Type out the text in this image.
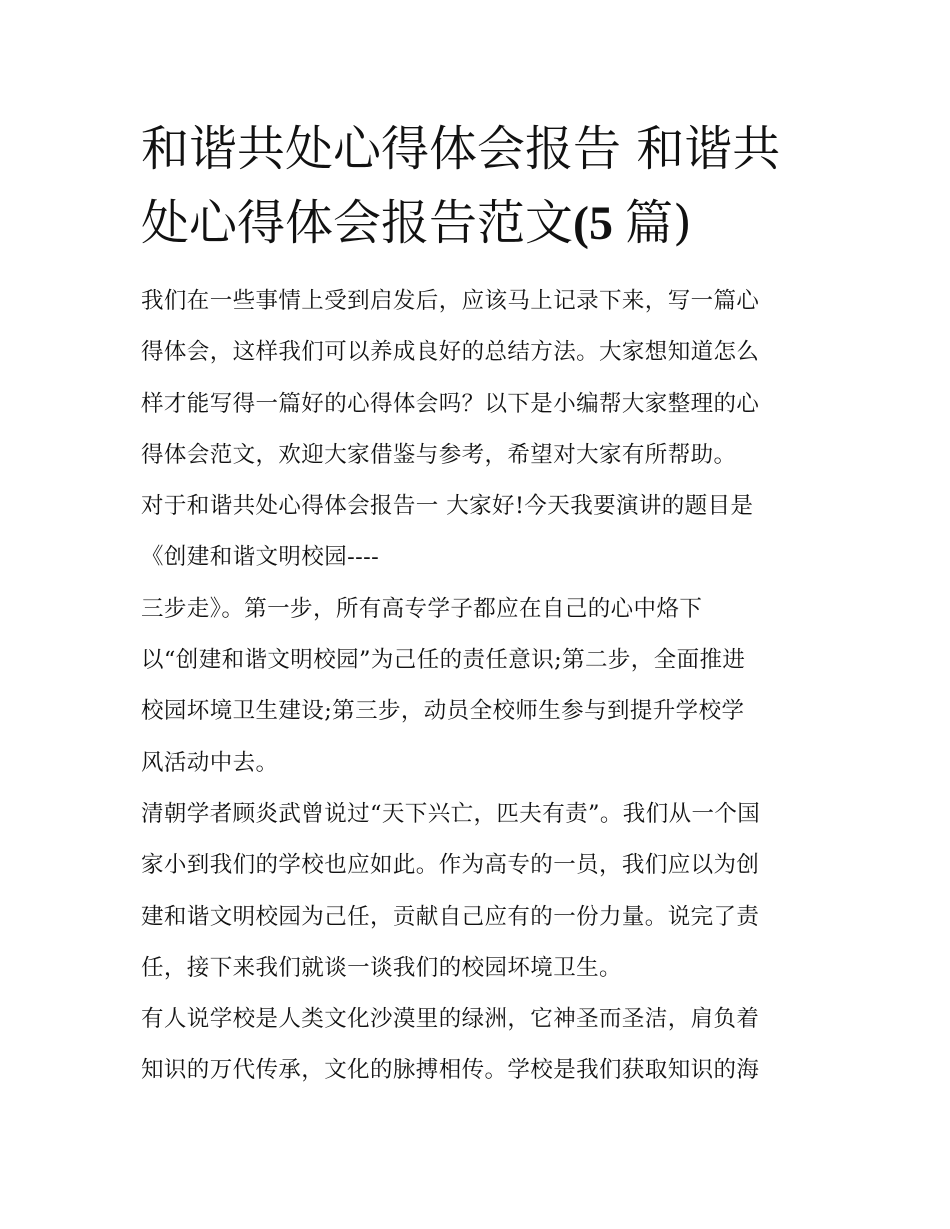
和谐共处心得体会报告 和谐共
处心得体会报告范文(5 篇)
我们在一些事情上受到启发后，应该马上记录下来，写一篇心
得体会，这样我们可以养成良好的总结方法。大家想知道怎么
样才能写得一篇好的心得体会吗？以下是小编帮大家整理的心
得体会范文，欢迎大家借鉴与参考，希望对大家有所帮助。
对于和谐共处心得体会报告一 大家好!今天我要演讲的题目是
《创建和谐文明校园----
三步走》。第一步，所有高专学子都应在自己的心中烙下
以“创建和谐文明校园”为己任的责任意识;第二步，全面推进
校园坏境卫生建设;第三步，动员全校师生参与到提升学校学
风活动中去。
清朝学者顾炎武曾说过“天下兴亡，匹夫有责”。我们从一个国
家小到我们的学校也应如此。作为高专的一员，我们应以为创
建和谐文明校园为己任，贡献自己应有的一份力量。说完了责
任，接下来我们就谈一谈我们的校园坏境卫生。
有人说学校是人类文化沙漠里的绿洲，它神圣而圣洁，肩负着
知识的万代传承，文化的脉搏相传。学校是我们获取知识的海
